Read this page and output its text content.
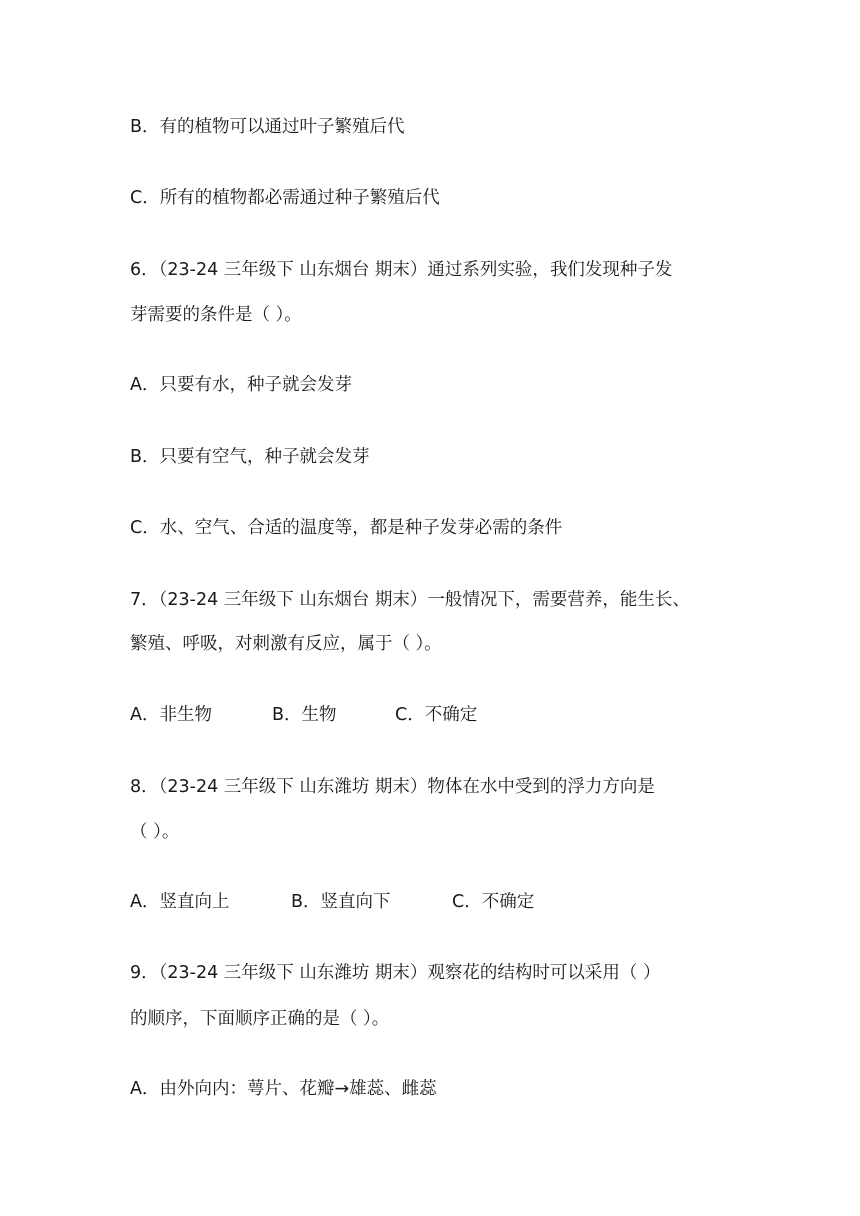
B．有的植物可以通过叶子繁殖后代
C．所有的植物都必需通过种子繁殖后代
6．（23-24 三年级下 山东烟台 期末）通过系列实验，我们发现种子发
芽需要的条件是（ ）。
A．只要有水，种子就会发芽
B．只要有空气，种子就会发芽
C．水、空气、合适的温度等，都是种子发芽必需的条件
7．（23-24 三年级下 山东烟台 期末）一般情况下，需要营养，能生长、
繁殖、呼吸，对刺激有反应，属于（ ）。
A．非生物	B．生物	C．不确定
8．（23-24 三年级下 山东潍坊 期末）物体在水中受到的浮力方向是
（ ）。
A．竖直向上	B．竖直向下	C．不确定
9．（23-24 三年级下 山东潍坊 期末）观察花的结构时可以采用（ ）
的顺序，下面顺序正确的是（ ）。
A．由外向内：萼片、花瓣→雄蕊、雌蕊
